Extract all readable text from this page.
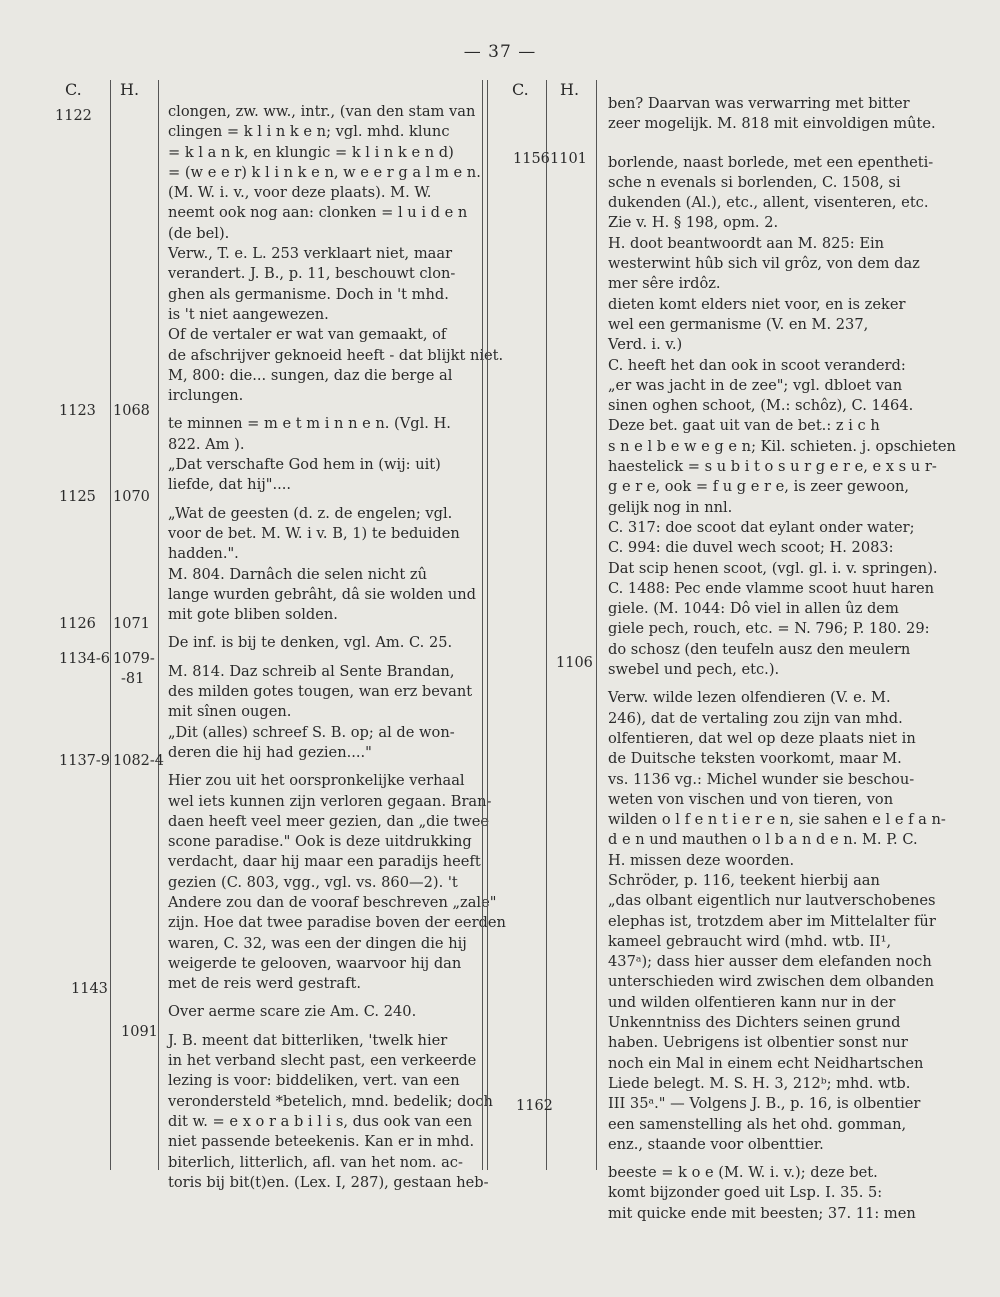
— 37 —
C. H.
1122
1123 1068
1125 1070
1126 1071
1134-6 1079-
-81
1137-9 1082-4
1143
1091
clongen, zw. ww., intr., (van den stam van
clingen = k l i n k e n; vgl. mhd. klunc
= k l a n k, en klungic = k l i n k e n d)
= (w e e r) k l i n k e n, w e e r g a l m e n.
(M. W. i. v., voor deze plaats). M. W.
neemt ook nog aan: clonken = l u i d e n
(de bel).
Verw., T. e. L. 253 verklaart niet, maar
verandert. J. B., p. 11, beschouwt clon-
ghen als germanisme. Doch in 't mhd.
is 't niet aangewezen.
Of de vertaler er wat van gemaakt, of
de afschrijver geknoeid heeft - dat blijkt niet.
M, 800: die... sungen, daz die berge al
irclungen.
te minnen = m e t m i n n e n. (Vgl. H.
822. Am ).
„Dat verschafte God hem in (wij: uit)
liefde, dat hij"....
„Wat de geesten (d. z. de engelen; vgl.
voor de bet. M. W. i v. B, 1) te beduiden
hadden.".
M. 804. Darnâch die selen nicht zû
lange wurden gebrâht, dâ sie wolden und
mit gote bliben solden.
De inf. is bij te denken, vgl. Am. C. 25.
M. 814. Daz schreib al Sente Brandan,
des milden gotes tougen, wan erz bevant
mit sînen ougen.
„Dit (alles) schreef S. B. op; al de won-
deren die hij had gezien...."
Hier zou uit het oorspronkelijke verhaal
wel iets kunnen zijn verloren gegaan. Bran-
daen heeft veel meer gezien, dan „die twee
scone paradise." Ook is deze uitdrukking
verdacht, daar hij maar een paradijs heeft
gezien (C. 803, vgg., vgl. vs. 860—2). 't
Andere zou dan de vooraf beschreven „zale"
zijn. Hoe dat twee paradise boven der eerden
waren, C. 32, was een der dingen die hij
weigerde te gelooven, waarvoor hij dan
met de reis werd gestraft.
Over aerme scare zie Am. C. 240.
J. B. meent dat bitterliken, 'twelk hier
in het verband slecht past, een verkeerde
lezing is voor: biddeliken, vert. van een
verondersteld *betelich, mnd. bedelik; doch
dit w. = e x o r a b i l i s, dus ook van een
niet passende beteekenis. Kan er in mhd.
biterlich, litterlich, afl. van het nom. ac-
toris bij bit(t)en. (Lex. I, 287), gestaan heb-
C. H.
1156 1101
1106
1162
ben? Daarvan was verwarring met bitter
zeer mogelijk. M. 818 mit einvoldigen mûte.
borlende, naast borlede, met een epentheti-
sche n evenals si borlenden, C. 1508, si
dukenden (Al.), etc., allent, visenteren, etc.
Zie v. H. § 198, opm. 2.
H. doot beantwoordt aan M. 825: Ein
westerwint hûb sich vil grôz, von dem daz
mer sêre irdôz.
dieten komt elders niet voor, en is zeker
wel een germanisme (V. en M. 237,
Verd. i. v.)
C. heeft het dan ook in scoot veranderd:
„er was jacht in de zee"; vgl. dbloet van
sinen oghen schoot, (M.: schôz), C. 1464.
Deze bet. gaat uit van de bet.: z i c h
s n e l b e w e g e n; Kil. schieten. j. opschieten
haestelick = s u b i t o s u r g e r e, e x s u r-
g e r e, ook = f u g e r e, is zeer gewoon,
gelijk nog in nnl.
C. 317: doe scoot dat eylant onder water;
C. 994: die duvel wech scoot; H. 2083:
Dat scip henen scoot, (vgl. gl. i. v. springen).
C. 1488: Pec ende vlamme scoot huut haren
giele. (M. 1044: Dô viel in allen ûz dem
giele pech, rouch, etc. = N. 796; P. 180. 29:
do schosz (den teufeln ausz den meulern
swebel und pech, etc.).
Verw. wilde lezen olfendieren (V. e. M.
246), dat de vertaling zou zijn van mhd.
olfentieren, dat wel op deze plaats niet in
de Duitsche teksten voorkomt, maar M.
vs. 1136 vg.: Michel wunder sie beschou-
weten von vischen und von tieren, von
wilden o l f e n t i e r e n, sie sahen e l e f a n-
d e n und mauthen o l b a n d e n. M. P. C.
H. missen deze woorden.
Schröder, p. 116, teekent hierbij aan
„das olbant eigentlich nur lautverschobenes
elephas ist, trotzdem aber im Mittelalter für
kameel gebraucht wird (mhd. wtb. II¹,
437ᵃ); dass hier ausser dem elefanden noch
unterschieden wird zwischen dem olbanden
und wilden olfentieren kann nur in der
Unkenntniss des Dichters seinen grund
haben. Uebrigens ist olbentier sonst nur
noch ein Mal in einem echt Neidhartschen
Liede belegt. M. S. H. 3, 212ᵇ; mhd. wtb.
III 35ᵃ." — Volgens J. B., p. 16, is olbentier
een samenstelling als het ohd. gomman,
enz., staande voor olbenttier.
beeste = k o e (M. W. i. v.); deze bet.
komt bijzonder goed uit Lsp. I. 35. 5:
mit quicke ende mit beesten; 37. 11: men
